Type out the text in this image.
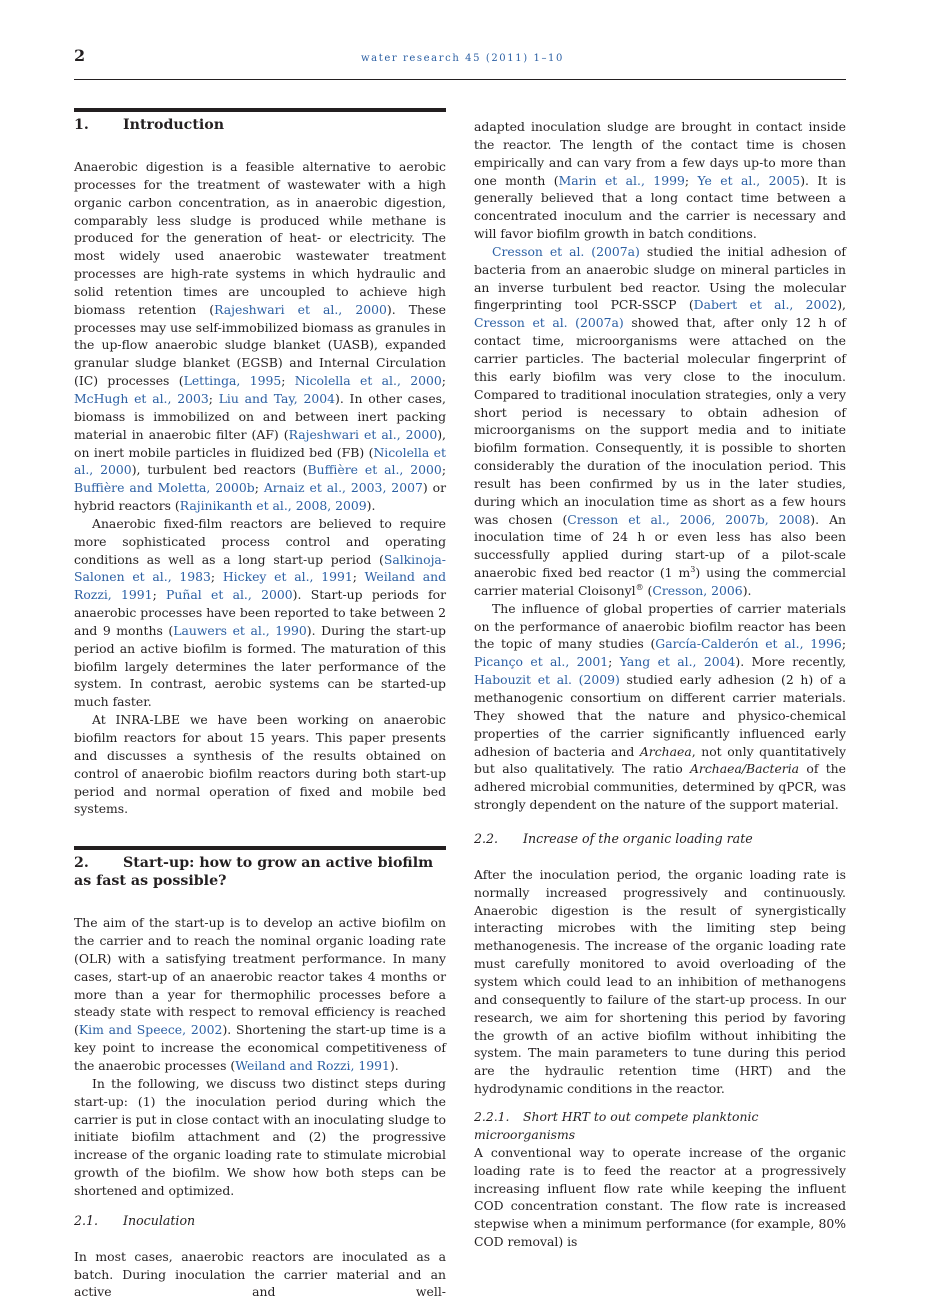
2	water research 45 (2011) 1–10
1. Introduction

Anaerobic digestion is a feasible alternative to aerobic processes for the treatment of wastewater with a high organic carbon concentration, as in anaerobic digestion, comparably less sludge is produced while methane is produced for the generation of heat- or electricity. The most widely used anaerobic wastewater treatment processes are high-rate systems in which hydraulic and solid retention times are uncoupled to achieve high biomass retention (Rajeshwari et al., 2000). These processes may use self-immobilized biomass as granules in the up-flow anaerobic sludge blanket (UASB), expanded granular sludge blanket (EGSB) and Internal Circulation (IC) processes (Lettinga, 1995; Nicolella et al., 2000; McHugh et al., 2003; Liu and Tay, 2004). In other cases, biomass is immobilized on and between inert packing material in anaerobic filter (AF) (Rajeshwari et al., 2000), on inert mobile particles in fluidized bed (FB) (Nicolella et al., 2000), turbulent bed reactors (Buffière et al., 2000; Buffière and Moletta, 2000b; Arnaiz et al., 2003, 2007) or hybrid reactors (Rajinikanth et al., 2008, 2009).

Anaerobic fixed-film reactors are believed to require more sophisticated process control and operating conditions as well as a long start-up period (Salkinoja-Salonen et al., 1983; Hickey et al., 1991; Weiland and Rozzi, 1991; Puñal et al., 2000). Start-up periods for anaerobic processes have been reported to take between 2 and 9 months (Lauwers et al., 1990). During the start-up period an active biofilm is formed. The maturation of this biofilm largely determines the later performance of the system. In contrast, aerobic systems can be started-up much faster.

At INRA-LBE we have been working on anaerobic biofilm reactors for about 15 years. This paper presents and discusses a synthesis of the results obtained on control of anaerobic biofilm reactors during both start-up period and normal operation of fixed and mobile bed systems.

2. Start-up: how to grow an active biofilm as fast as possible?

The aim of the start-up is to develop an active biofilm on the carrier and to reach the nominal organic loading rate (OLR) with a satisfying treatment performance. In many cases, start-up of an anaerobic reactor takes 4 months or more than a year for thermophilic processes before a steady state with respect to removal efficiency is reached (Kim and Speece, 2002). Shortening the start-up time is a key point to increase the economical competitiveness of the anaerobic processes (Weiland and Rozzi, 1991).

In the following, we discuss two distinct steps during start-up: (1) the inoculation period during which the carrier is put in close contact with an inoculating sludge to initiate biofilm attachment and (2) the progressive increase of the organic loading rate to stimulate microbial growth of the biofilm. We show how both steps can be shortened and optimized.

2.1. Inoculation

In most cases, anaerobic reactors are inoculated as a batch. During inoculation the carrier material and an active and well-

adapted inoculation sludge are brought in contact inside the reactor. The length of the contact time is chosen empirically and can vary from a few days up-to more than one month (Marin et al., 1999; Ye et al., 2005). It is generally believed that a long contact time between a concentrated inoculum and the carrier is necessary and will favor biofilm growth in batch conditions.

Cresson et al. (2007a) studied the initial adhesion of bacteria from an anaerobic sludge on mineral particles in an inverse turbulent bed reactor. Using the molecular fingerprinting tool PCR-SSCP (Dabert et al., 2002), Cresson et al. (2007a) showed that, after only 12 h of contact time, microorganisms were attached on the carrier particles. The bacterial molecular fingerprint of this early biofilm was very close to the inoculum. Compared to traditional inoculation strategies, only a very short period is necessary to obtain adhesion of microorganisms on the support media and to initiate biofilm formation. Consequently, it is possible to shorten considerably the duration of the inoculation period. This result has been confirmed by us in the later studies, during which an inoculation time as short as a few hours was chosen (Cresson et al., 2006, 2007b, 2008). An inoculation time of 24 h or even less has also been successfully applied during start-up of a pilot-scale anaerobic fixed bed reactor (1 $m^3$) using the commercial carrier material Cloisonyl® (Cresson, 2006).

The influence of global properties of carrier materials on the performance of anaerobic biofilm reactor has been the topic of many studies (García-Calderón et al., 1996; Picanço et al., 2001; Yang et al., 2004). More recently, Habouzit et al. (2009) studied early adhesion (2 h) of a methanogenic consortium on different carrier materials. They showed that the nature and physico-chemical properties of the carrier significantly influenced early adhesion of bacteria and Archaea, not only quantitatively but also qualitatively. The ratio Archaea/Bacteria of the adhered microbial communities, determined by qPCR, was strongly dependent on the nature of the support material.

2.2. Increase of the organic loading rate

After the inoculation period, the organic loading rate is normally increased progressively and continuously. Anaerobic digestion is the result of synergistically interacting microbes with the limiting step being methanogenesis. The increase of the organic loading rate must carefully monitored to avoid overloading of the system which could lead to an inhibition of methanogens and consequently to failure of the start-up process. In our research, we aim for shortening this period by favoring the growth of an active biofilm without inhibiting the system. The main parameters to tune during this period are the hydraulic retention time (HRT) and the hydrodynamic conditions in the reactor.

2.2.1. Short HRT to out compete planktonic microorganisms

A conventional way to operate increase of the organic loading rate is to feed the reactor at a progressively increasing influent flow rate while keeping the influent COD concentration constant. The flow rate is increased stepwise when a minimum performance (for example, 80% COD removal) is
